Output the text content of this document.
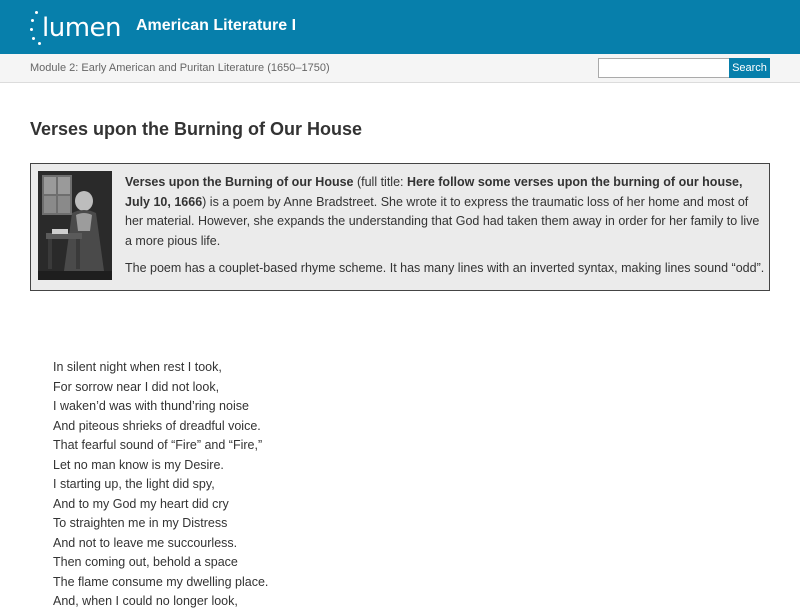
lumen American Literature I
Module 2: Early American and Puritan Literature (1650–1750)	Search
Verses upon the Burning of Our House

Verses upon the Burning of our House (full title: Here follow some verses upon the burning of our house, July 10, 1666) is a poem by Anne Bradstreet. She wrote it to express the traumatic loss of her home and most of her material. However, she expands the understanding that God had taken them away in order for her family to live a more pious life.

The poem has a couplet-based rhyme scheme. It has many lines with an inverted syntax, making lines sound “odd”.

In silent night when rest I took,
For sorrow near I did not look,
I waken’d was with thund’ring noise
And piteous shrieks of dreadful voice.
That fearful sound of “Fire” and “Fire,”
Let no man know is my Desire.
I starting up, the light did spy,
And to my God my heart did cry
To straighten me in my Distress
And not to leave me succourless.
Then coming out, behold a space
The flame consume my dwelling place.
And, when I could no longer look,
